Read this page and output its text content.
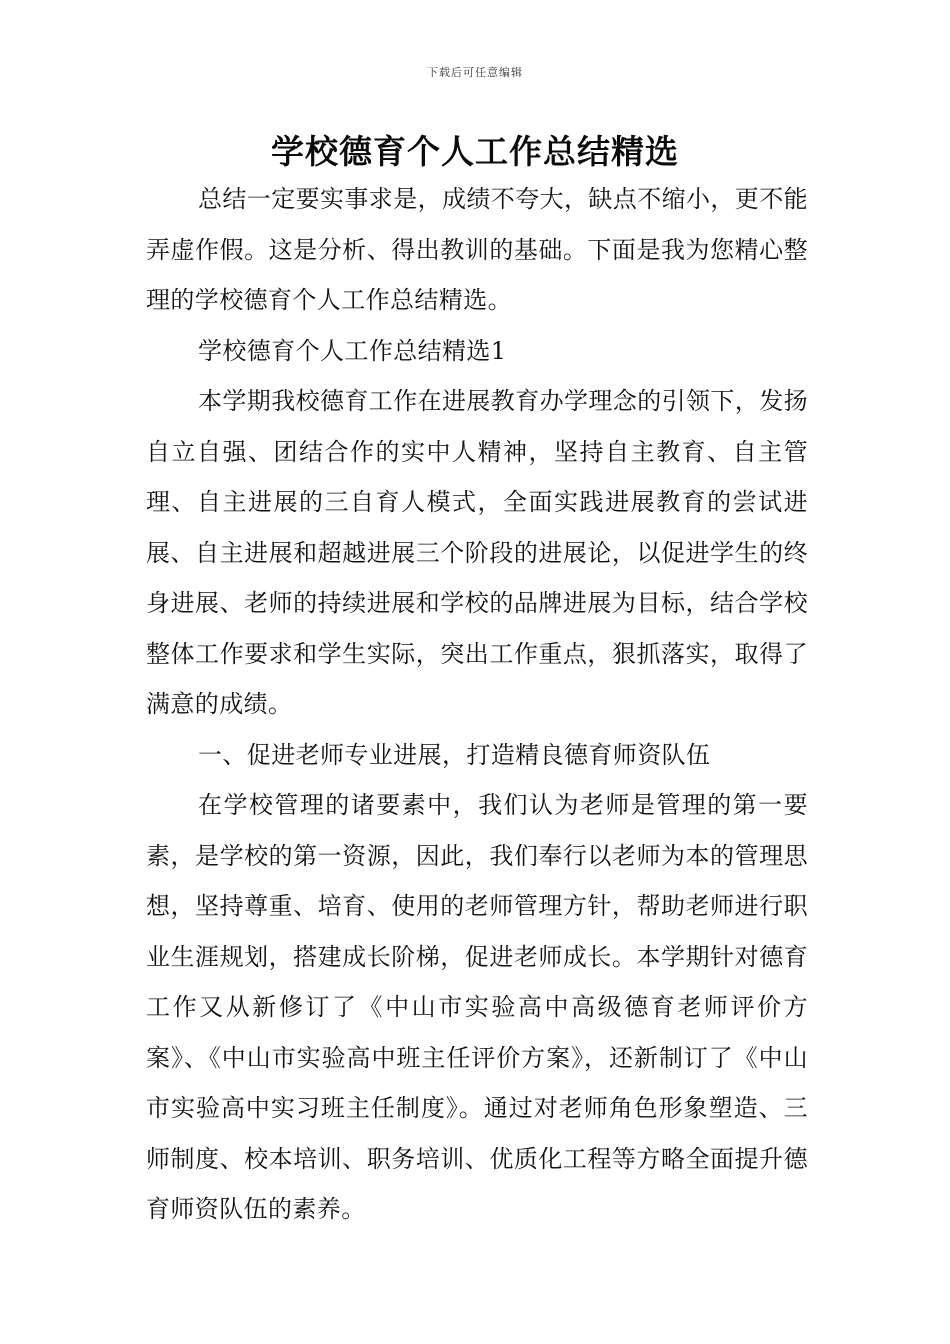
下载后可任意编辑
学校德育个人工作总结精选

总结一定要实事求是，成绩不夸大，缺点不缩小，更不能弄虚作假。这是分析、得出教训的基础。下面是我为您精心整理的学校德育个人工作总结精选。

学校德育个人工作总结精选1

本学期我校德育工作在进展教育办学理念的引领下，发扬自立自强、团结合作的实中人精神，坚持自主教育、自主管理、自主进展的三自育人模式，全面实践进展教育的尝试进展、自主进展和超越进展三个阶段的进展论，以促进学生的终身进展、老师的持续进展和学校的品牌进展为目标，结合学校整体工作要求和学生实际，突出工作重点，狠抓落实，取得了满意的成绩。

一、促进老师专业进展，打造精良德育师资队伍

在学校管理的诸要素中，我们认为老师是管理的第一要素，是学校的第一资源，因此，我们奉行以老师为本的管理思想，坚持尊重、培育、使用的老师管理方针，帮助老师进行职业生涯规划，搭建成长阶梯，促进老师成长。本学期针对德育工作又从新修订了《中山市实验高中高级德育老师评价方案》、《中山市实验高中班主任评价方案》，还新制订了《中山市实验高中实习班主任制度》。通过对老师角色形象塑造、三师制度、校本培训、职务培训、优质化工程等方略全面提升德育师资队伍的素养。
